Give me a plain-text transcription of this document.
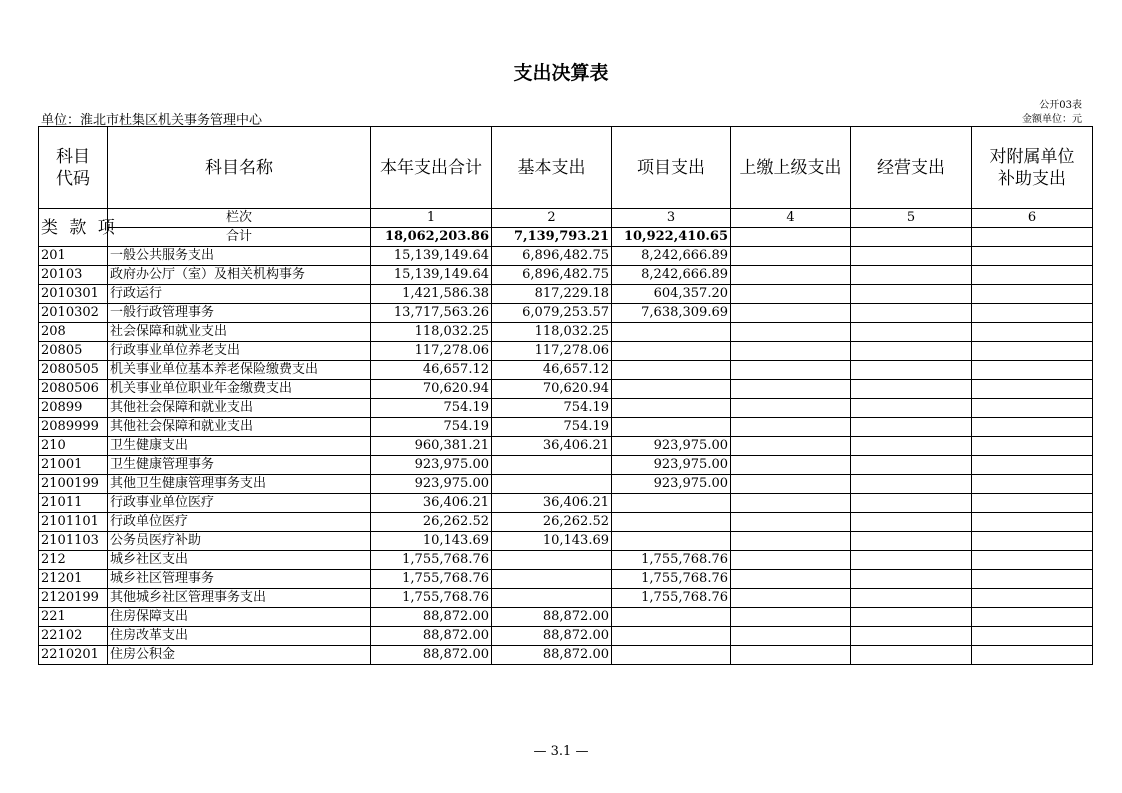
支出决算表
单位：淮北市杜集区机关事务管理中心
公开03表
金额单位：元
科目代码	科目名称	本年支出合计	基本支出	项目支出	上缴上级支出	经营支出	对附属单位补助支出
类 款 项	栏次	1	2	3	4	5	6
	合计	18,062,203.86	7,139,793.21	10,922,410.65			
201	一般公共服务支出	15,139,149.64	6,896,482.75	8,242,666.89			
20103	政府办公厅（室）及相关机构事务	15,139,149.64	6,896,482.75	8,242,666.89			
2010301	行政运行	1,421,586.38	817,229.18	604,357.20			
2010302	一般行政管理事务	13,717,563.26	6,079,253.57	7,638,309.69			
208	社会保障和就业支出	118,032.25	118,032.25				
20805	行政事业单位养老支出	117,278.06	117,278.06				
2080505	机关事业单位基本养老保险缴费支出	46,657.12	46,657.12				
2080506	机关事业单位职业年金缴费支出	70,620.94	70,620.94				
20899	其他社会保障和就业支出	754.19	754.19				
2089999	其他社会保障和就业支出	754.19	754.19				
210	卫生健康支出	960,381.21	36,406.21	923,975.00			
21001	卫生健康管理事务	923,975.00		923,975.00			
2100199	其他卫生健康管理事务支出	923,975.00		923,975.00			
21011	行政事业单位医疗	36,406.21	36,406.21				
2101101	行政单位医疗	26,262.52	26,262.52				
2101103	公务员医疗补助	10,143.69	10,143.69				
212	城乡社区支出	1,755,768.76		1,755,768.76			
21201	城乡社区管理事务	1,755,768.76		1,755,768.76			
2120199	其他城乡社区管理事务支出	1,755,768.76		1,755,768.76			
221	住房保障支出	88,872.00	88,872.00				
22102	住房改革支出	88,872.00	88,872.00				
2210201	住房公积金	88,872.00	88,872.00				
— 3.1 —
